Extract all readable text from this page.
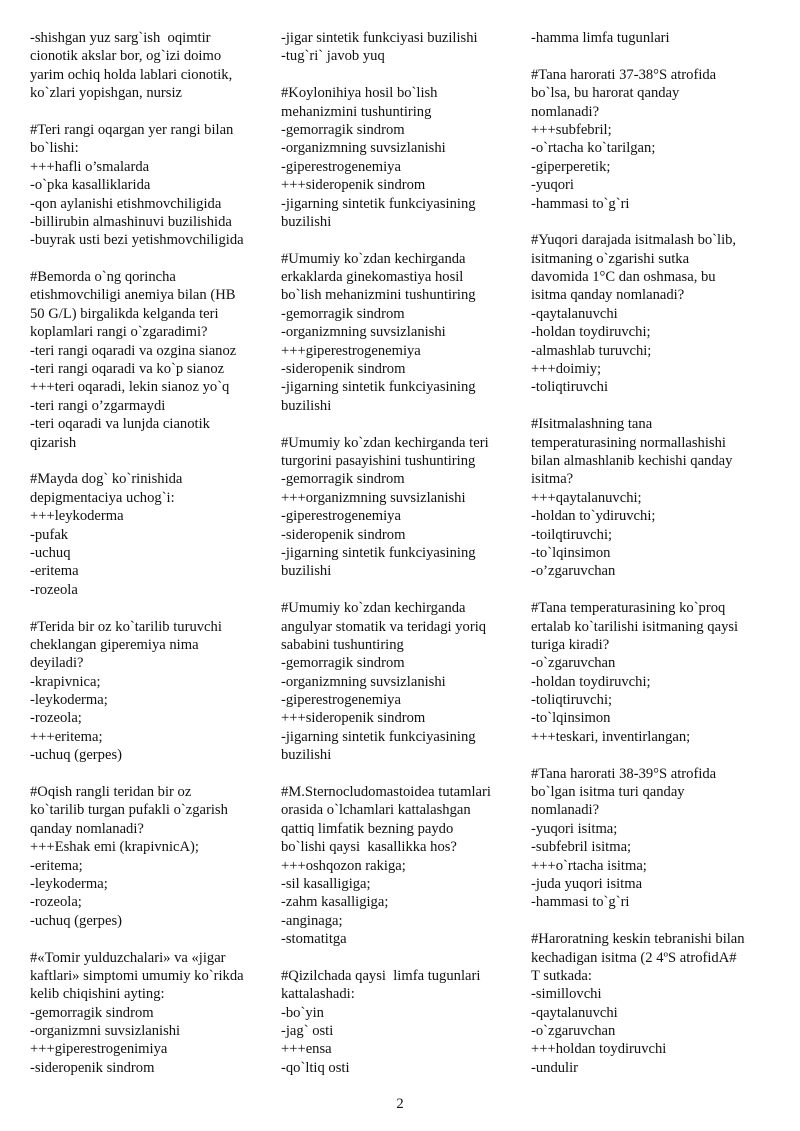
-shishgan yuz sarg`ish  oqimtir
cionotik akslar bor, og`izi doimo
yarim ochiq holda lablari cionotik,
ko`zlari yopishgan, nursiz
#Teri rangi oqargan yer rangi bilan
bo`lishi:
+++hafli o’smalarda
-o`pka kasalliklarida
-qon aylanishi etishmovchiligida
-billirubin almashinuvi buzilishida
-buyrak usti bezi yetishmovchiligida
#Bemorda o`ng qorincha
etishmovchiligi anemiya bilan (HB
50 G/L) birgalikda kelganda teri
koplamlari rangi o`zgaradimi?
-teri rangi oqaradi va ozgina sianoz
-teri rangi oqaradi va ko`p sianoz
+++teri oqaradi, lekin sianoz yo`q
-teri rangi o’zgarmaydi
-teri oqaradi va lunjda cianotik
qizarish
#Mayda dog` ko`rinishida
depigmentaciya uchog`i:
+++leykoderma
-pufak
-uchuq
-eritema
-rozeola
#Terida bir oz ko`tarilib turuvchi
cheklangan giperemiya nima
deyiladi?
-krapivnica;
-leykoderma;
-rozeola;
+++eritema;
-uchuq (gerpes)
#Oqish rangli teridan bir oz
ko`tarilib turgan pufakli o`zgarish
qanday nomlanadi?
+++Eshak emi (krapivnicA);
-eritema;
-leykoderma;
-rozeola;
-uchuq (gerpes)
#«Tomir yulduzchalari» va «jigar
kaftlari» simptomi umumiy ko`rikda
kelib chiqishini ayting:
-gemorragik sindrom
-organizmni suvsizlanishi
+++giperestrogenimiya
-sideropenik sindrom
-jigar sintetik funkciyasi buzilishi
-tug`ri` javob yuq
#Koylonihiya hosil bo`lish
mehanizmini tushuntiring
-gemorragik sindrom
-organizmning suvsizlanishi
-giperestrogenemiya
+++sideropenik sindrom
-jigarning sintetik funkciyasining
buzilishi
#Umumiy ko`zdan kechirganda
erkaklarda ginekomastiya hosil
bo`lish mehanizmini tushuntiring
-gemorragik sindrom
-organizmning suvsizlanishi
+++giperestrogenemiya
-sideropenik sindrom
-jigarning sintetik funkciyasining
buzilishi
#Umumiy ko`zdan kechirganda teri
turgorini pasayishini tushuntiring
-gemorragik sindrom
+++organizmning suvsizlanishi
-giperestrogenemiya
-sideropenik sindrom
-jigarning sintetik funkciyasining
buzilishi
#Umumiy ko`zdan kechirganda
angulyar stomatik va teridagi yoriq
sababini tushuntiring
-gemorragik sindrom
-organizmning suvsizlanishi
-giperestrogenemiya
+++sideropenik sindrom
-jigarning sintetik funkciyasining
buzilishi
#M.Sternocludomastoidea tutamlari
orasida o`lchamlari kattalashgan
qattiq limfatik bezning paydo
bo`lishi qaysi  kasallikka hos?
+++oshqozon rakiga;
-sil kasalligiga;
-zahm kasalligiga;
-anginaga;
-stomatitga
#Qizilchada qaysi  limfa tugunlari
kattalashadi:
-bo`yin
-jag` osti
+++ensa
-qo`ltiq osti
-hamma limfa tugunlari
#Tana harorati 37-38°S atrofida
bo`lsa, bu harorat qanday
nomlanadi?
+++subfebril;
-o`rtacha ko`tarilgan;
-giperperetik;
-yuqori
-hammasi to`g`ri
#Yuqori darajada isitmalash bo`lib,
isitmaning o`zgarishi sutka
davomida 1°C dan oshmasa, bu
isitma qanday nomlanadi?
-qaytalanuvchi
-holdan toydiruvchi;
-almashlab turuvchi;
+++doimiy;
-toliqtiruvchi
#Isitmalashning tana
temperaturasining normallashishi
bilan almashlanib kechishi qanday
isitma?
+++qaytalanuvchi;
-holdan to`ydiruvchi;
-toilqtiruvchi;
-to`lqinsimon
-o’zgaruvchan
#Tana temperaturasining ko`proq
ertalab ko`tarilishi isitmaning qaysi
turiga kiradi?
-o`zgaruvchan
-holdan toydiruvchi;
-toliqtiruvchi;
-to`lqinsimon
+++teskari, inventirlangan;
#Tana harorati 38-39°S atrofida
bo`lgan isitma turi qanday
nomlanadi?
-yuqori isitma;
-subfebril isitma;
+++o`rtacha isitma;
-juda yuqori isitma
-hammasi to`g`ri
#Haroratning keskin tebranishi bilan
kechadigan isitma (2 4ºS atrofidA#
T sutkada:
-simillovchi
-qaytalanuvchi
-o`zgaruvchan
+++holdan toydiruvchi
-undulir
2
